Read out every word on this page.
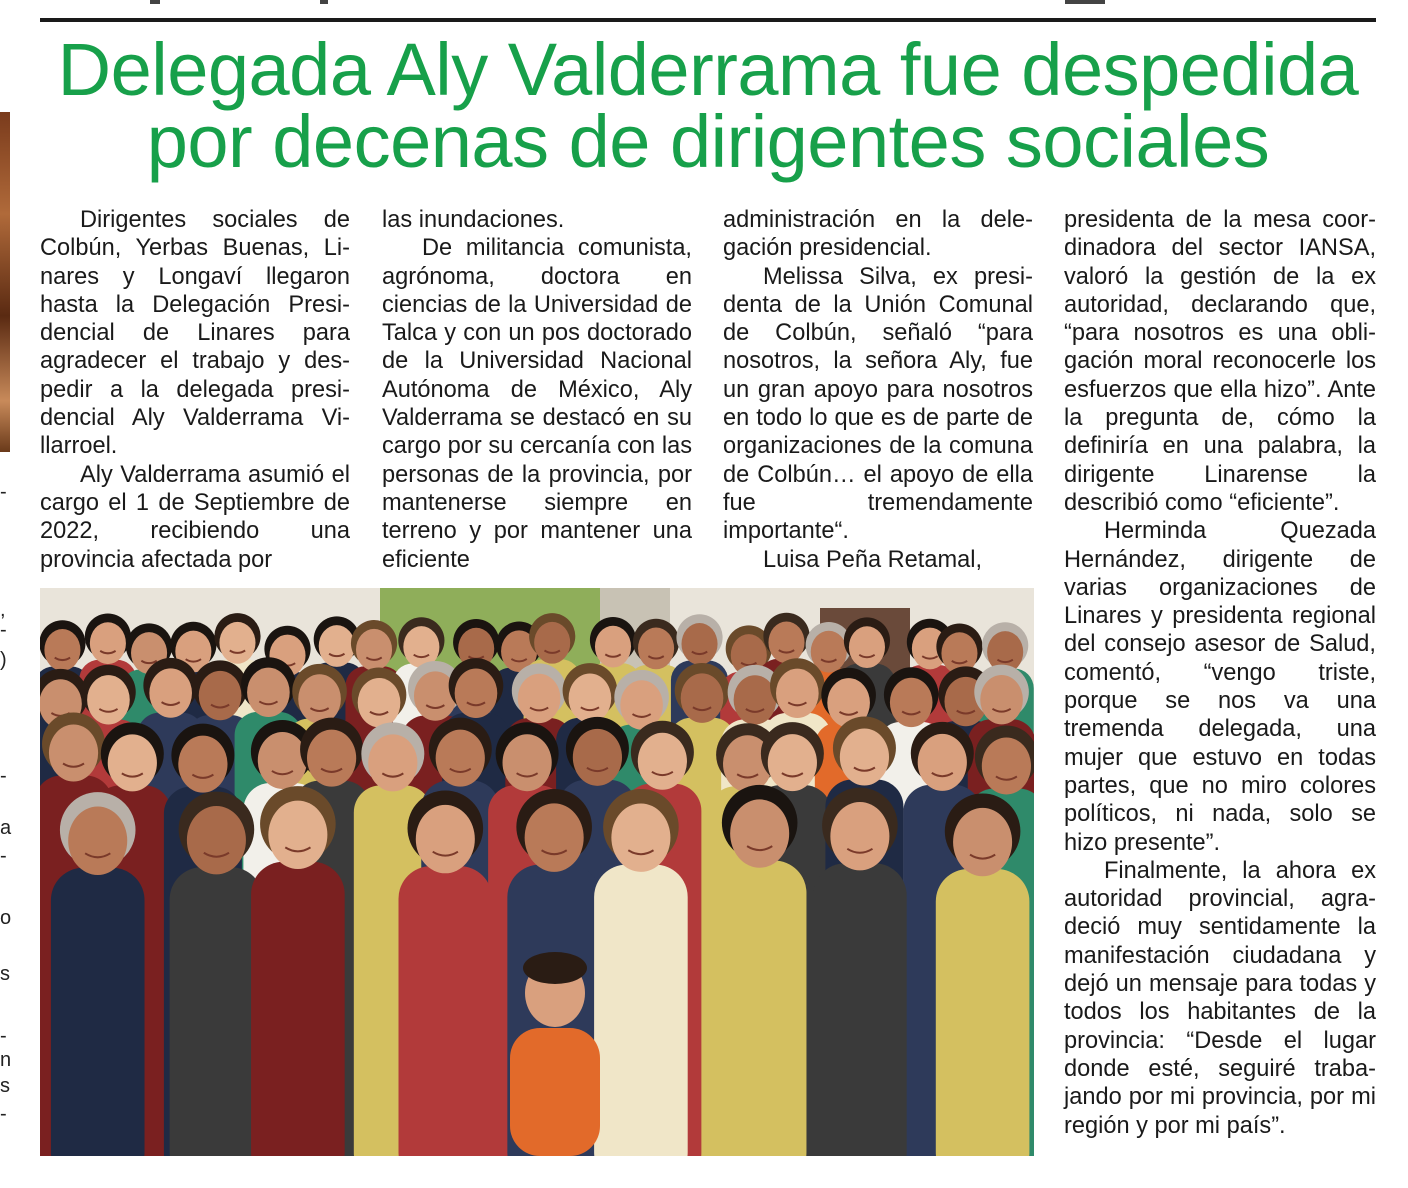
-
,
-
)
-
a
-
o
s
-
n
s
-
Delegada Aly Valderrama fue despedida
por decenas de dirigentes sociales

Dirigentes sociales de Colbún, Yerbas Buenas, Linares y Longaví llegaron hasta la Delegación Presidencial de Linares para agradecer el trabajo y despedir a la delegada presidencial Aly Valderrama Villarroel.

Aly Valderrama asumió el cargo el 1 de Septiembre de 2022, recibiendo una provincia afectada por

las inundaciones.

De militancia comunista, agrónoma, doctora en ciencias de la Universidad de Talca y con un pos doctorado de la Universidad Nacional Autónoma de México, Aly Valderrama se destacó en su cargo por su cercanía con las personas de la provincia, por mantenerse siempre en terreno y por mantener una eficiente

administración en la delegación presidencial.

Melissa Silva, ex presidenta de la Unión Comunal de Colbún, señaló “para nosotros, la señora Aly, fue un gran apoyo para nosotros en todo lo que es de parte de organizaciones de la comuna de Colbún… el apoyo de ella fue tremendamente importante“.

Luisa Peña Retamal,

presidenta de la mesa coordinadora del sector IANSA, valoró la gestión de la ex autoridad, declarando que, “para nosotros es una obligación moral reconocerle los esfuerzos que ella hizo”. Ante la pregunta de, cómo la definiría en una palabra, la dirigente Linarense la describió como “eficiente”.

Herminda Quezada Hernández, dirigente de varias organizaciones de Linares y presidenta regional del consejo asesor de Salud, comentó, “vengo triste, porque se nos va una tremenda delegada, una mujer que estuvo en todas partes, que no miro colores políticos, ni nada, solo se hizo presente”.

Finalmente, la ahora ex autoridad provincial, agradeció muy sentidamente la manifestación ciudadana y dejó un mensaje para todas y todos los habitantes de la provincia: “Desde el lugar donde esté, seguiré trabajando por mi provincia, por mi región y por mi país”.
